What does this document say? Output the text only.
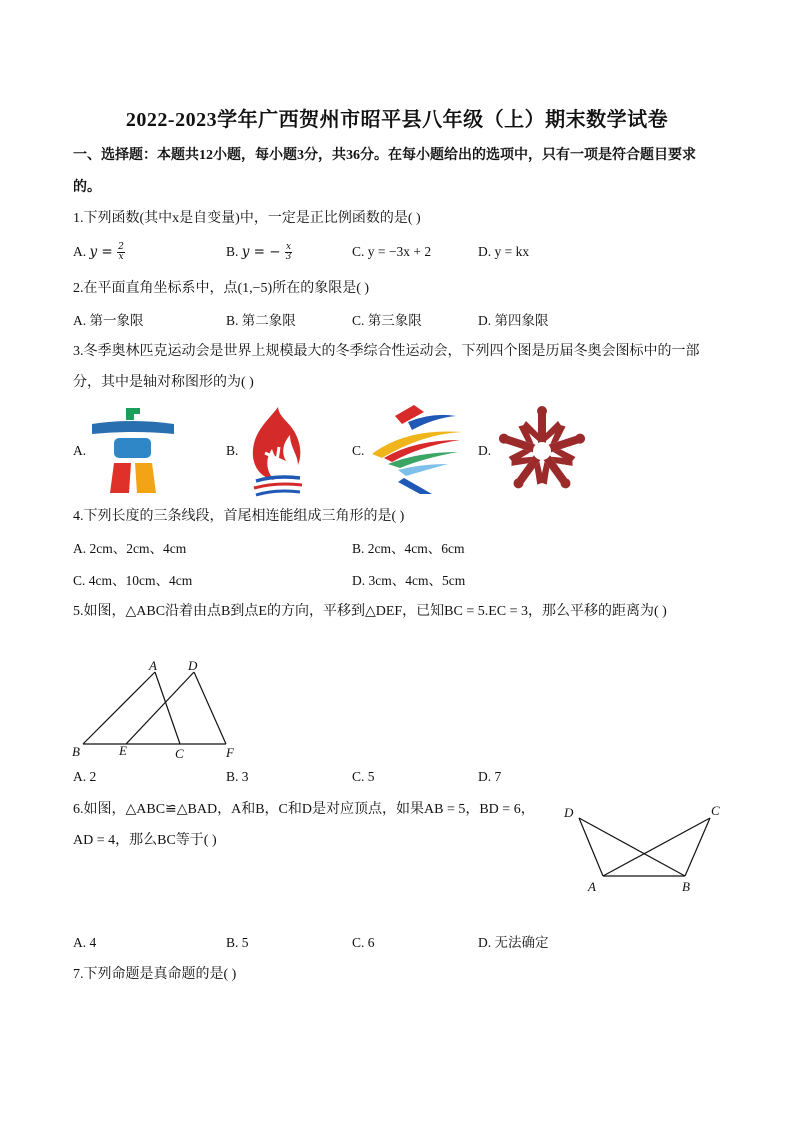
2022-2023学年广西贺州市昭平县八年级（上）期末数学试卷
一、选择题：本题共12小题，每小题3分，共36分。在每小题给出的选项中，只有一项是符合题目要求
的。
1.下列函数(其中x是自变量)中，一定是正比例函数的是( )
A. $y = \frac{2}{x}$	B. y = − $\frac{x}{3}$	C. y = −3x + 2	D. y = kx
2.在平面直角坐标系中，点(1,−5)所在的象限是( )
A. 第一象限	B. 第二象限	C. 第三象限	D. 第四象限
3.冬季奥林匹克运动会是世界上规模最大的冬季综合性运动会，下列四个图是历届冬奥会图标中的一部
分，其中是轴对称图形的为( )
A.	B.	C.	D.
4.下列长度的三条线段，首尾相连能组成三角形的是( )
A. 2cm、2cm、4cm	B. 2cm、4cm、6cm
C. 4cm、10cm、4cm	D. 3cm、4cm、5cm
5.如图，△ABC沿着由点B到点E的方向，平移到△DEF，已知BC = 5.EC = 3，那么平移的距离为( )
A D
B	E	C	F
A. 2	B. 3	C. 5	D. 7
6.如图，△ABC≌△BAD，A和B，C和D是对应顶点，如果AB = 5，BD = 6，
AD = 4，那么BC等于( )
D	C
A	B
A. 4	B. 5	C. 6	D. 无法确定
7.下列命题是真命题的是( )
